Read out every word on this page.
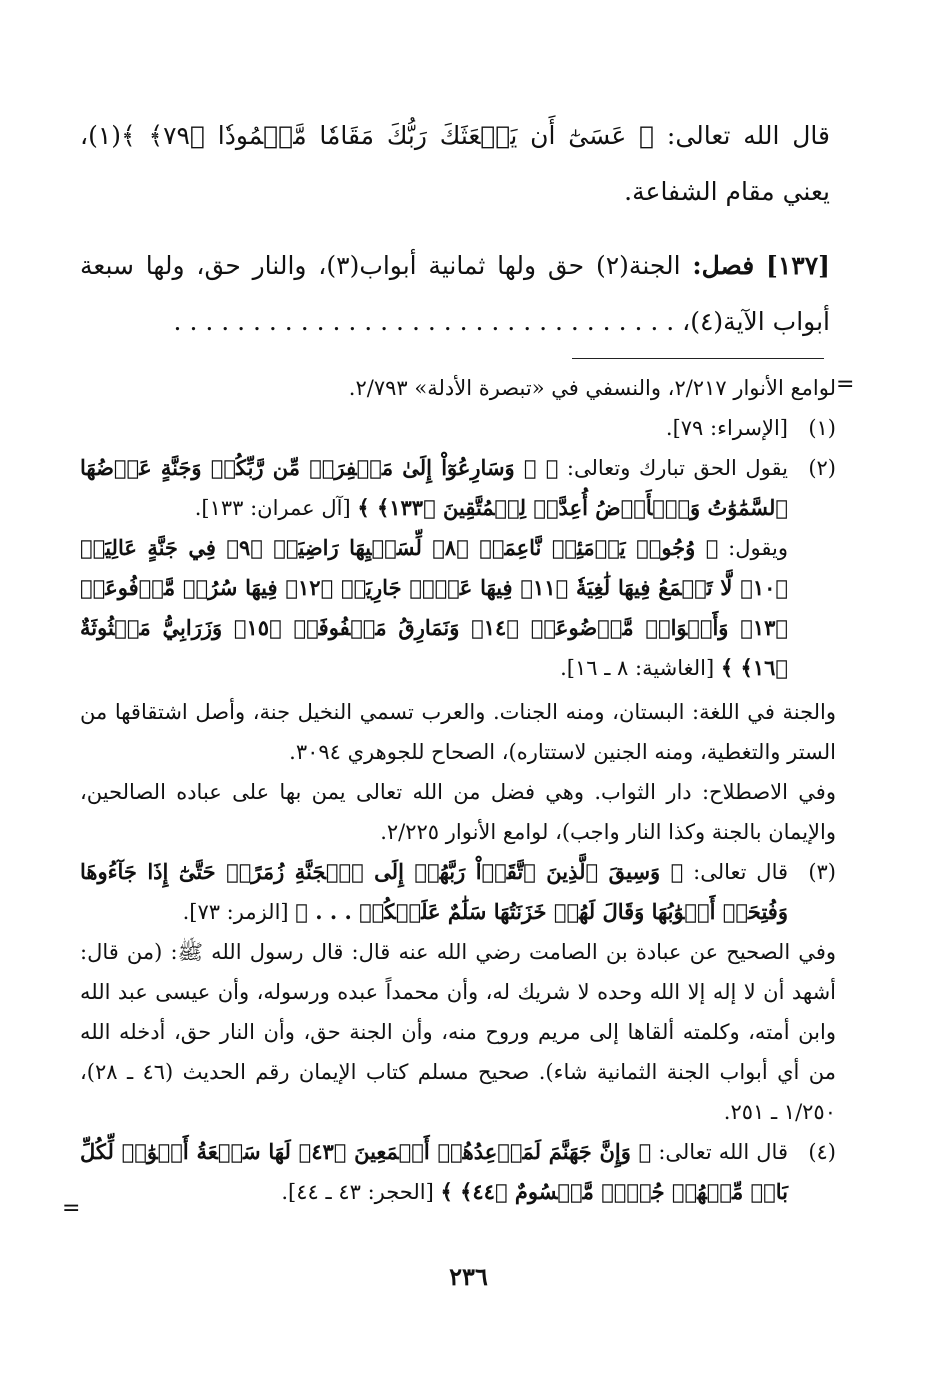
قال الله تعالى: ﴿ عَسَىٰٓ أَن يَبۡعَثَكَ رَبُّكَ مَقَامٗا مَّحۡمُودٗا ﴿٧٩﴾ ﴾(١)، يعني مقام الشفاعة.
[١٣٧] فصل: الجنة(٢) حق ولها ثمانية أبواب(٣)، والنار حق، ولها سبعة أبواب الآية(٤)، . . . . . . . . . . . . . . . . . . . . . . . . . . . . . . . .
=
لوامع الأنوار ٢/٢١٧، والنسفي في «تبصرة الأدلة» ٢/٧٩٣.
(١)
[الإسراء: ٧٩].
(٢)
يقول الحق تبارك وتعالى: ﴿ ۞ وَسَارِعُوٓاْ إِلَىٰ مَغۡفِرَةٖ مِّن رَّبِّكُمۡ وَجَنَّةٍ عَرۡضُهَا ٱلسَّمَٰوَٰتُ وَٱلۡأَرۡضُ أُعِدَّتۡ لِلۡمُتَّقِينَ ﴿١٣٣﴾ ﴾ [آل عمران: ١٣٣].
ويقول: ﴿ وُجُوهٞ يَوۡمَئِذٖ نَّاعِمَةٞ ﴿٨﴾ لِّسَعۡيِهَا رَاضِيَةٞ ﴿٩﴾ فِي جَنَّةٍ عَالِيَةٖ ﴿١٠﴾ لَّا تَسۡمَعُ فِيهَا لَٰغِيَةٗ ﴿١١﴾ فِيهَا عَيۡنٞ جَارِيَةٞ ﴿١٢﴾ فِيهَا سُرُرٞ مَّرۡفُوعَةٞ ﴿١٣﴾ وَأَكۡوَابٞ مَّوۡضُوعَةٞ ﴿١٤﴾ وَنَمَارِقُ مَصۡفُوفَةٞ ﴿١٥﴾ وَزَرَابِيُّ مَبۡثُوثَةٌ ﴿١٦﴾ ﴾ [الغاشية: ٨ ـ ١٦].
والجنة في اللغة: البستان، ومنه الجنات. والعرب تسمي النخيل جنة، وأصل اشتقاقها من الستر والتغطية، ومنه الجنين لاستتاره)، الصحاح للجوهري ٣٠٩٤.
وفي الاصطلاح: دار الثواب. وهي فضل من الله تعالى يمن بها على عباده الصالحين، والإيمان بالجنة وكذا النار واجب)، لوامع الأنوار ٢/٢٢٥.
(٣)
قال تعالى: ﴿ وَسِيقَ ٱلَّذِينَ ٱتَّقَوۡاْ رَبَّهُمۡ إِلَى ٱلۡجَنَّةِ زُمَرًاۖ حَتَّىٰٓ إِذَا جَآءُوهَا وَفُتِحَتۡ أَبۡوَٰبُهَا وَقَالَ لَهُمۡ خَزَنَتُهَا سَلَٰمٌ عَلَيۡكُمۡ . . . ﴾ [الزمر: ٧٣].
وفي الصحيح عن عبادة بن الصامت رضي الله عنه قال: قال رسول الله ﷺ: (من قال: أشهد أن لا إله إلا الله وحده لا شريك له، وأن محمداً عبده ورسوله، وأن عيسى عبد الله وابن أمته، وكلمته ألقاها إلى مريم وروح منه، وأن الجنة حق، وأن النار حق، أدخله الله من أي أبواب الجنة الثمانية شاء). صحيح مسلم كتاب الإيمان رقم الحديث (٤٦ ـ ٢٨)، ١/٢٥٠ ـ ٢٥١.
(٤)
قال الله تعالى: ﴿ وَإِنَّ جَهَنَّمَ لَمَوۡعِدُهُمۡ أَجۡمَعِينَ ﴿٤٣﴾ لَهَا سَبۡعَةُ أَبۡوَٰبٖ لِّكُلِّ بَابٖ مِّنۡهُمۡ جُزۡءٞ مَّقۡسُومٌ ﴿٤٤﴾ ﴾ [الحجر: ٤٣ ـ ٤٤].
=
٢٣٦
